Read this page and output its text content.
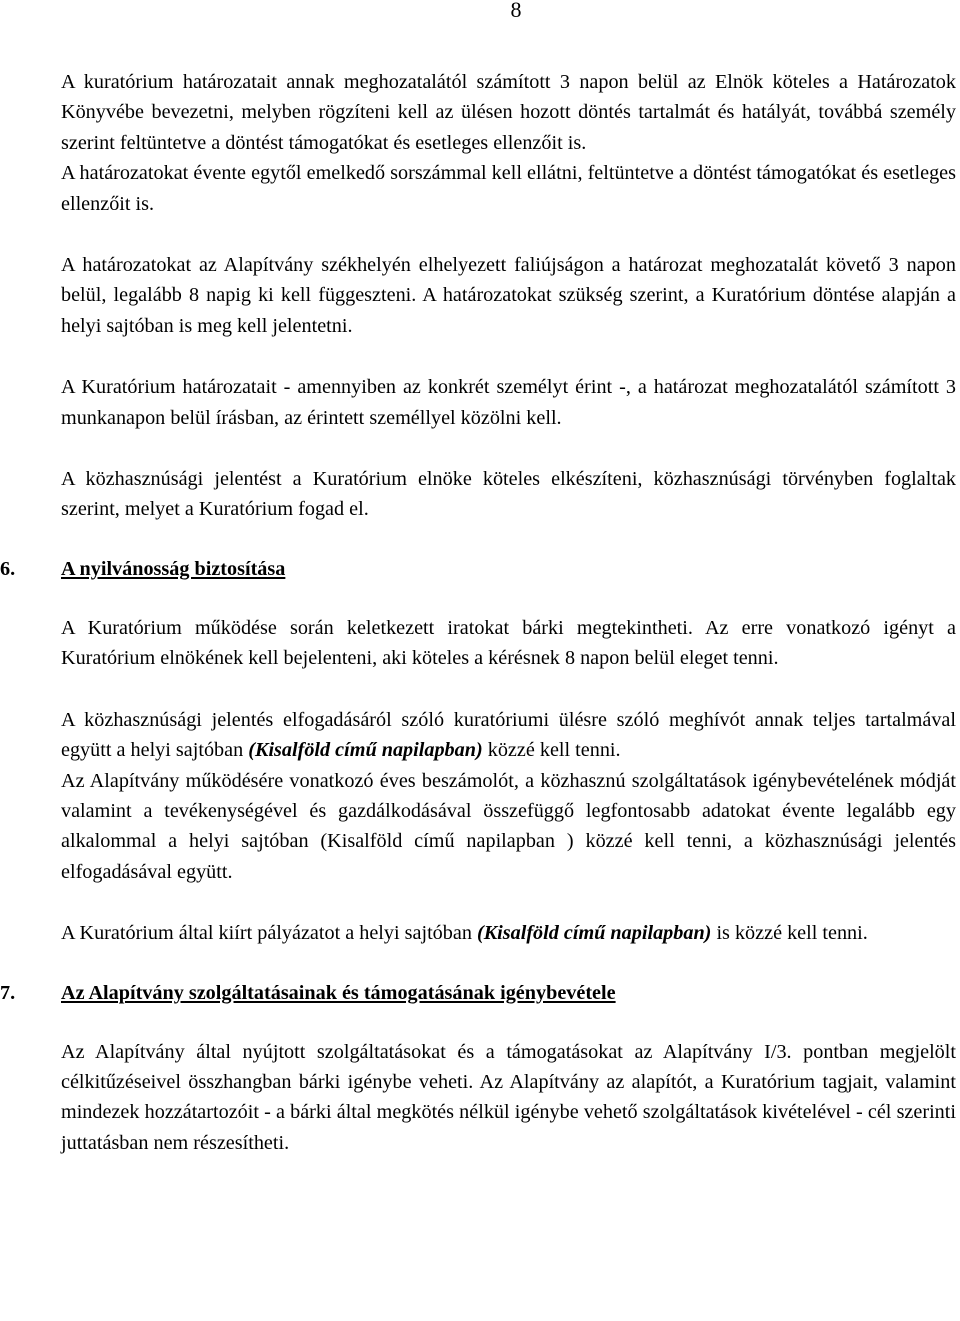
8

A kuratórium határozatait annak meghozatalától számított 3 napon belül az Elnök köteles a Határozatok Könyvébe bevezetni, melyben rögzíteni kell az ülésen hozott döntés tartalmát és hatályát, továbbá személy szerint feltüntetve a döntést támogatókat és esetleges ellenzőit is.

A határozatokat évente egytől emelkedő sorszámmal kell ellátni, feltüntetve a döntést támogatókat és esetleges ellenzőit is.

A határozatokat az Alapítvány székhelyén elhelyezett faliújságon a határozat meghozatalát követő 3 napon belül, legalább 8 napig ki kell függeszteni. A határozatokat szükség szerint, a Kuratórium döntése alapján a helyi sajtóban is meg kell jelentetni.

A Kuratórium határozatait - amennyiben az konkrét személyt érint -, a határozat meghozatalától számított 3 munkanapon belül írásban, az érintett személlyel közölni kell.

A közhasznúsági jelentést a Kuratórium elnöke köteles elkészíteni, közhasznúsági törvényben foglaltak szerint, melyet a Kuratórium fogad el.

6. A nyilvánosság biztosítása

A Kuratórium működése során keletkezett iratokat bárki megtekintheti. Az erre vonatkozó igényt a Kuratórium elnökének kell bejelenteni, aki köteles a kérésnek 8 napon belül eleget tenni.

A közhasznúsági jelentés elfogadásáról szóló kuratóriumi ülésre szóló meghívót annak teljes tartalmával együtt a helyi sajtóban (Kisalföld című napilapban) közzé kell tenni.

Az Alapítvány működésére vonatkozó éves beszámolót, a közhasznú szolgáltatások igénybevételének módját valamint a tevékenységével és gazdálkodásával összefüggő legfontosabb adatokat évente legalább egy alkalommal a helyi sajtóban (Kisalföld című napilapban ) közzé kell tenni, a közhasznúsági jelentés elfogadásával együtt.

A Kuratórium által kiírt pályázatot a helyi sajtóban (Kisalföld című napilapban) is közzé kell tenni.

7. Az Alapítvány szolgáltatásainak és támogatásának igénybevétele

Az Alapítvány által nyújtott szolgáltatásokat és a támogatásokat az Alapítvány I/3. pontban megjelölt célkitűzéseivel összhangban bárki igénybe veheti. Az Alapítvány az alapítót, a Kuratórium tagjait, valamint mindezek hozzátartozóit - a bárki által megkötés nélkül igénybe vehető szolgáltatások kivételével - cél szerinti juttatásban nem részesítheti.
